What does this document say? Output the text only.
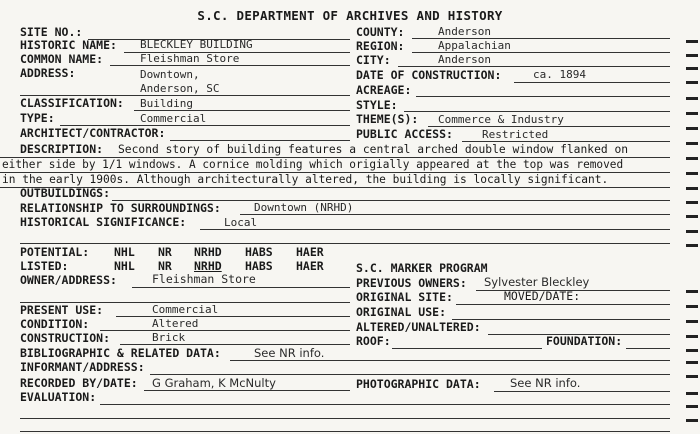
S.C. DEPARTMENT OF ARCHIVES AND HISTORY
SITE NO.:
HISTORIC NAME: BLECKLEY BUILDING
COMMON NAME:	Fleishman Store
ADDRESS:	Downtown,
Anderson, SC
CLASSIFICATION: Building
TYPE:	Commercial
ARCHITECT/CONTRACTOR:
COUNTY:	Anderson
REGION:	Appalachian
CITY:	Anderson
DATE OF CONSTRUCTION:	ca. 1894
ACREAGE:
STYLE:
THEME(S): Commerce & Industry
PUBLIC ACCESS:	Restricted
DESCRIPTION: Second story of building features a central arched double window flanked on
either side by 1/1 windows. A cornice molding which origially appeared at the top was removed
in the early 1900s. Although architecturally altered, the building is locally significant.
OUTBUILDINGS:
RELATIONSHIP TO SURROUNDINGS:	Downtown (NRHD)
HISTORICAL SIGNIFICANCE:	Local
POTENTIAL: NHL NR NRHD HABS HAER
LISTED:	NHL NR NRHD HABS HAER	S.C. MARKER PROGRAM
OWNER/ADDRESS:	Fleishman Store	PREVIOUS OWNERS: Sylvester Bleckley
ORIGINAL SITE:	MOVED/DATE:
PRESENT USE:	Commercial	ORIGINAL USE:
CONDITION:	Altered	ALTERED/UNALTERED:
CONSTRUCTION:	Brick	ROOF:	FOUNDATION:
BIBLIOGRAPHIC & RELATED DATA:	See NR info.
INFORMANT/ADDRESS:
RECORDED BY/DATE: G Graham, K McNulty	PHOTOGRAPHIC DATA:	See NR info.
EVALUATION:
